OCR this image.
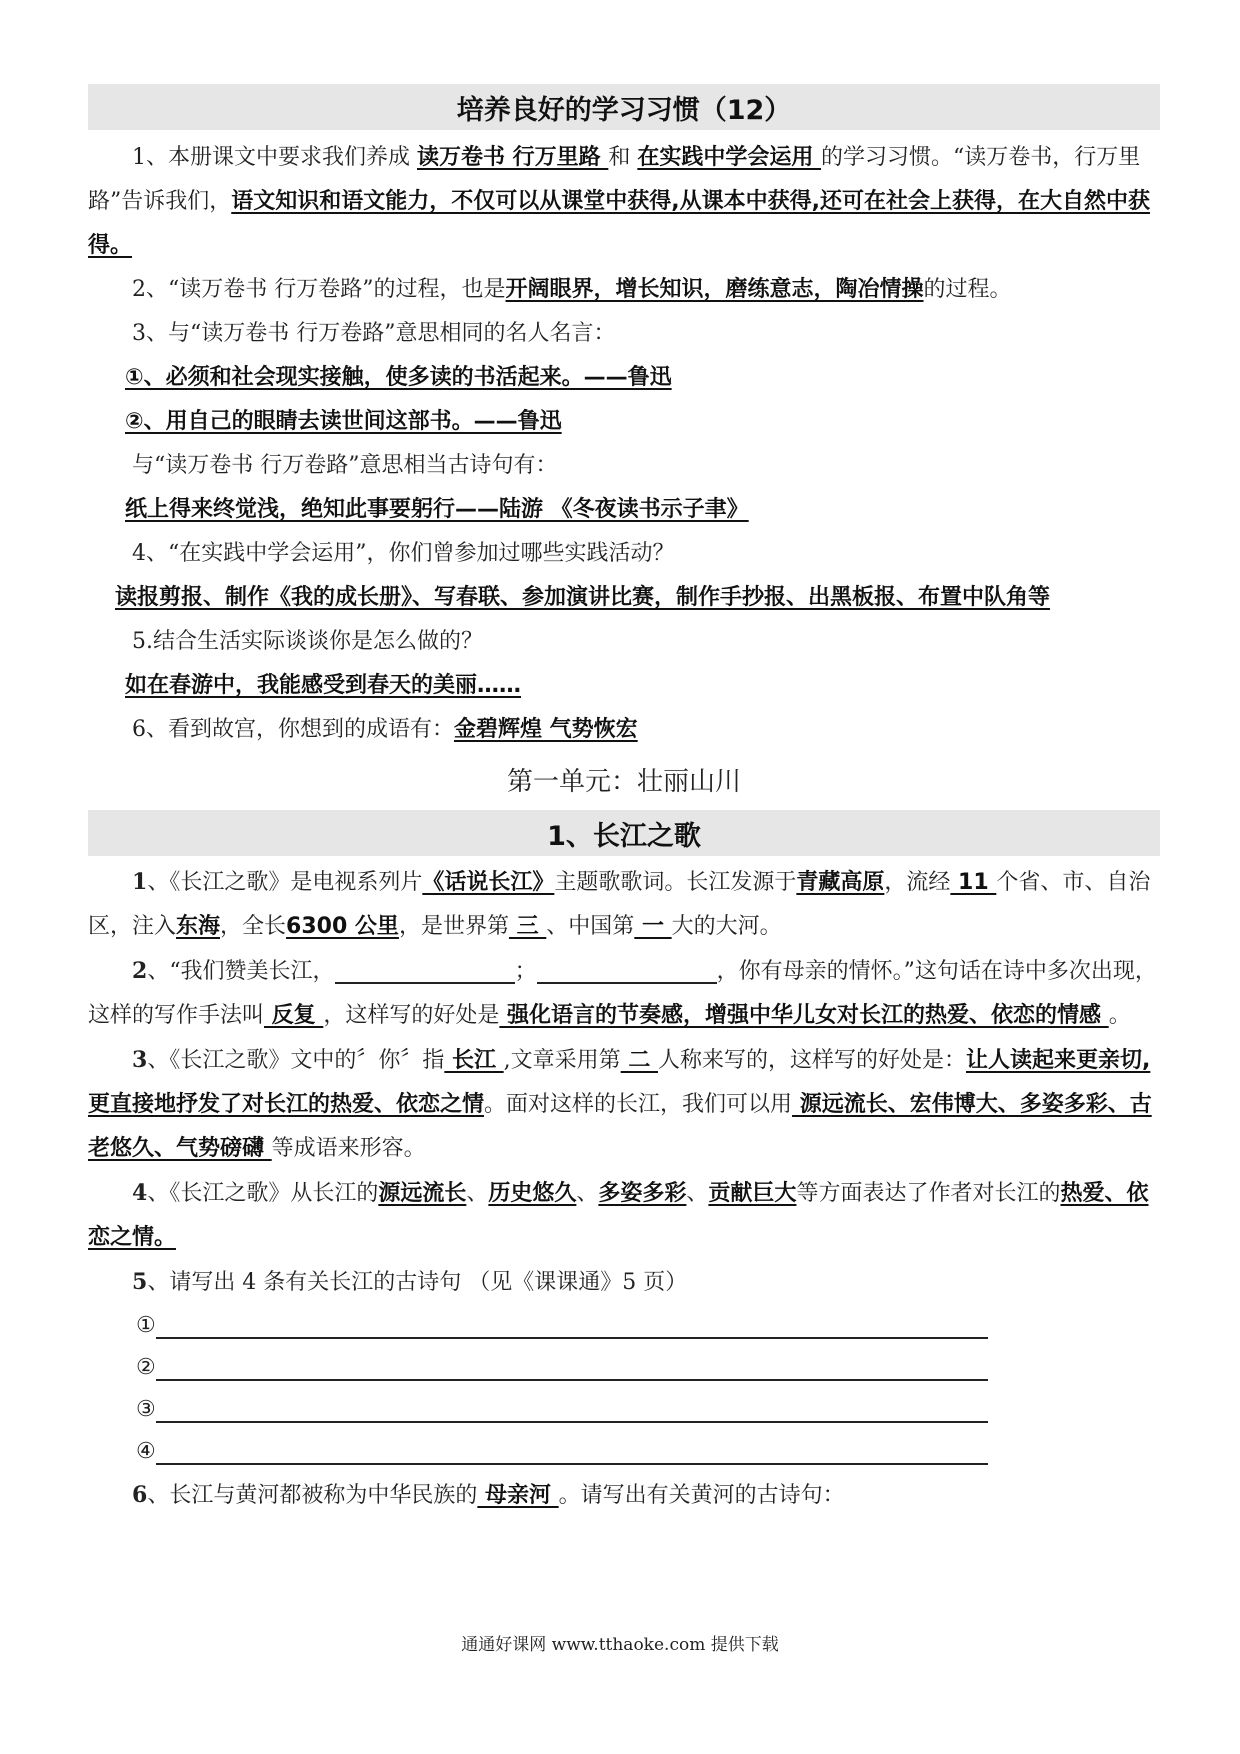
培养良好的学习习惯（12）

1、本册课文中要求我们养成 读万卷书 行万里路 和 在实践中学会运用 的学习习惯。“读万卷书，行万里路”告诉我们，语文知识和语文能力，不仅可以从课堂中获得,从课本中获得,还可在社会上获得，在大自然中获得。

2、“读万卷书 行万卷路”的过程，也是开阔眼界，增长知识，磨练意志，陶冶情操的过程。

3、与“读万卷书 行万卷路”意思相同的名人名言：

①、必须和社会现实接触，使多读的书活起来。——鲁迅
②、用自己的眼睛去读世间这部书。——鲁迅

与“读万卷书 行万卷路”意思相当古诗句有：

纸上得来终觉浅，绝知此事要躬行——陆游 《冬夜读书示子聿》

4、“在实践中学会运用”，你们曾参加过哪些实践活动？

读报剪报、制作《我的成长册》、写春联、参加演讲比赛，制作手抄报、出黑板报、布置中队角等

5.结合生活实际谈谈你是怎么做的？

如在春游中，我能感受到春天的美丽……

6、看到故宫，你想到的成语有：金碧辉煌 气势恢宏

第一单元：壮丽山川
1、长江之歌

1、《长江之歌》是电视系列片《话说长江》主题歌歌词。长江发源于青藏高原，流经 11 个省、市、自治区，注入东海，全长6300 公里，是世界第 三 、中国第 一 大的大河。

2、“我们赞美长江，	；	，你有母亲的情怀。”这句话在诗中多次出现，这样的写作手法叫 反复 ，这样写的好处是 强化语言的节奏感，增强中华儿女对长江的热爱、依恋的情感 。

3、《长江之歌》文中的〞你〞指 长江 ,文章采用第 二 人称来写的，这样写的好处是：让人读起来更亲切,更直接地抒发了对长江的热爱、依恋之情。面对这样的长江，我们可以用 源远流长、宏伟博大、多姿多彩、古老悠久、气势磅礴 等成语来形容。

4、《长江之歌》从长江的源远流长、历史悠久、多姿多彩、贡献巨大等方面表达了作者对长江的热爱、依恋之情。

5、请写出 4 条有关长江的古诗句 （见《课课通》5 页）

①
②
③
④

6、长江与黄河都被称为中华民族的 母亲河 。请写出有关黄河的古诗句：

通通好课网 www.tthaoke.com 提供下载
